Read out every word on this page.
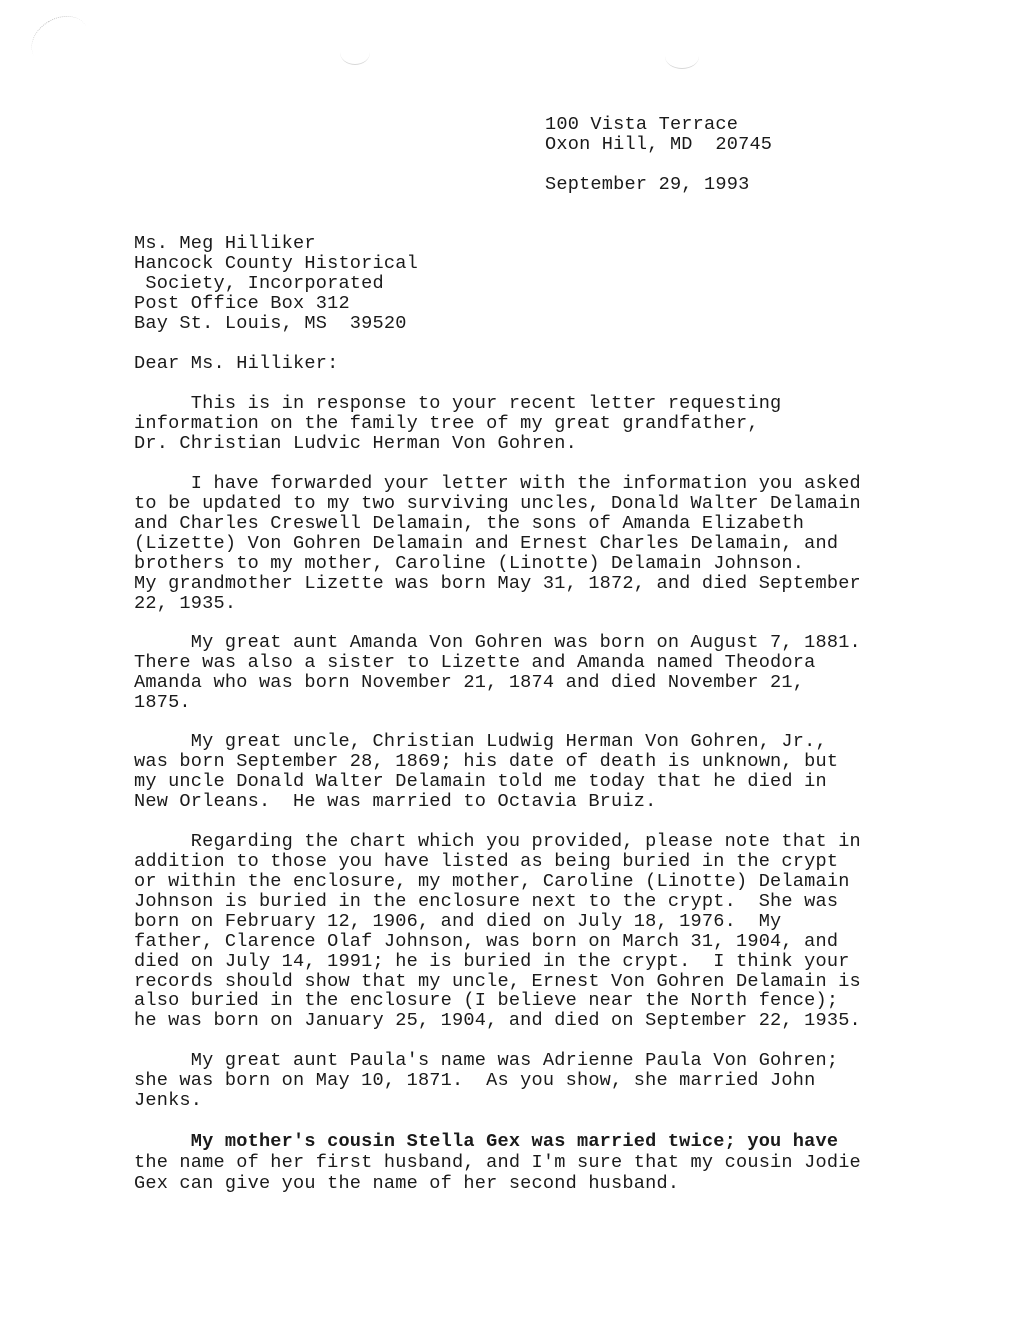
100 Vista Terrace
Oxon Hill, MD  20745
September 29, 1993
Ms. Meg Hilliker
Hancock County Historical
Society, Incorporated
Post Office Box 312
Bay St. Louis, MS  39520
Dear Ms. Hilliker:
This is in response to your recent letter requesting
information on the family tree of my great grandfather,
Dr. Christian Ludvic Herman Von Gohren.
I have forwarded your letter with the information you asked
to be updated to my two surviving uncles, Donald Walter Delamain
and Charles Creswell Delamain, the sons of Amanda Elizabeth
(Lizette) Von Gohren Delamain and Ernest Charles Delamain, and
brothers to my mother, Caroline (Linotte) Delamain Johnson.
My grandmother Lizette was born May 31, 1872, and died September
22, 1935.
My great aunt Amanda Von Gohren was born on August 7, 1881.
There was also a sister to Lizette and Amanda named Theodora
Amanda who was born November 21, 1874 and died November 21,
1875.
My great uncle, Christian Ludwig Herman Von Gohren, Jr.,
was born September 28, 1869; his date of death is unknown, but
my uncle Donald Walter Delamain told me today that he died in
New Orleans.  He was married to Octavia Bruiz.
Regarding the chart which you provided, please note that in
addition to those you have listed as being buried in the crypt
or within the enclosure, my mother, Caroline (Linotte) Delamain
Johnson is buried in the enclosure next to the crypt.  She was
born on February 12, 1906, and died on July 18, 1976.  My
father, Clarence Olaf Johnson, was born on March 31, 1904, and
died on July 14, 1991; he is buried in the crypt.  I think your
records should show that my uncle, Ernest Von Gohren Delamain is
also buried in the enclosure (I believe near the North fence);
he was born on January 25, 1904, and died on September 22, 1935.
My great aunt Paula's name was Adrienne Paula Von Gohren;
she was born on May 10, 1871.  As you show, she married John
Jenks.
My mother's cousin Stella Gex was married twice; you have
the name of her first husband, and I'm sure that my cousin Jodie
Gex can give you the name of her second husband.
